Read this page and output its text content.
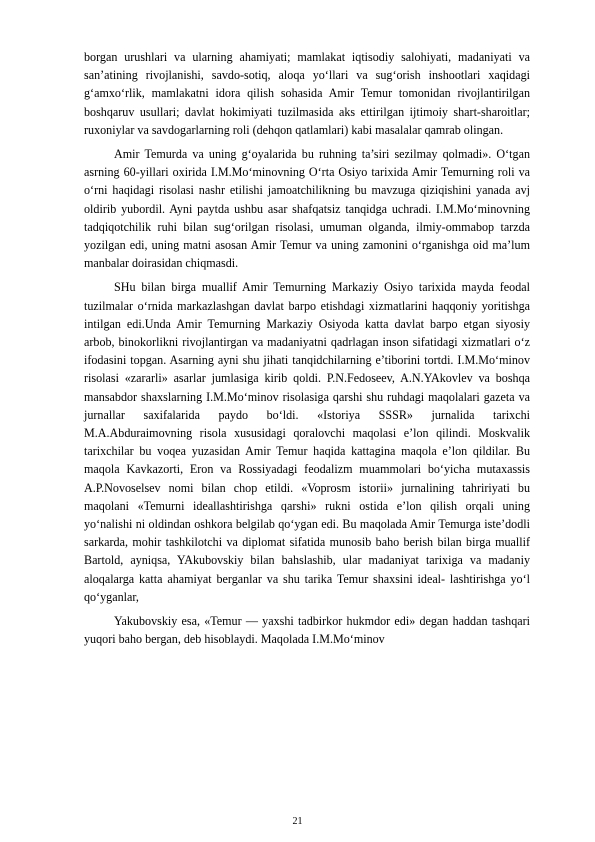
borgan urushlari va ularning ahamiyati; mamlakat iqtisodiy salohiyati, madaniyati va san’atining rivojlanishi, savdo-sotiq, aloqa yo‘llari va sug‘orish inshootlari xaqidagi g‘amxo‘rlik, mamlakatni idora qilish sohasida Amir Temur tomonidan rivojlantirilgan boshqaruv usullari; davlat hokimiyati tuzilmasida aks ettirilgan ijtimoiy shart-sharoitlar; ruxoniylar va savdogarlarning roli (dehqon qatlamlari) kabi masalalar qamrab olingan.

Amir Temurda va uning g‘oyalarida bu ruhning ta’siri sezilmay qolmadi». O‘tgan asrning 60-yillari oxirida I.M.Mo‘minovning O‘rta Osiyo tarixida Amir Temurning roli va o‘rni haqidagi risolasi nashr etilishi jamoatchilikning bu mavzuga qiziqishini yanada avj oldirib yubordil. Ayni paytda ushbu asar shafqatsiz tanqidga uchradi. I.M.Mo‘minovning tadqiqotchilik ruhi bilan sug‘orilgan risolasi, umuman olganda, ilmiy-ommabop tarzda yozilgan edi, uning matni asosan Amir Temur va uning zamonini o‘rganishga oid ma’lum manbalar doirasidan chiqmasdi.

SHu bilan birga muallif Amir Temurning Markaziy Osiyo tarixida mayda feodal tuzilmalar o‘rnida markazlashgan davlat barpo etishdagi xizmatlarini haqqoniy yoritishga intilgan edi.Unda Amir Temurning Markaziy Osiyoda katta davlat barpo etgan siyosiy arbob, binokorlikni rivojlantirgan va madaniyatni qadrlagan inson sifatidagi xizmatlari o‘z ifodasini topgan. Asarning ayni shu jihati tanqidchilarning e’tiborini tortdi. I.M.Mo‘minov risolasi «zararli» asarlar jumlasiga kirib qoldi. P.N.Fedoseev, A.N.YAkovlev va boshqa mansabdor shaxslarning I.M.Mo‘minov risolasiga qarshi shu ruhdagi maqolalari gazeta va jurnallar saxifalarida paydo bo‘ldi. «Istoriya SSSR» jurnalida tarixchi M.A.Abduraimovning risola xususidagi qoralovchi maqolasi e’lon qilindi. Moskvalik tarixchilar bu voqea yuzasidan Amir Temur haqida kattagina maqola e’lon qildilar. Bu maqola Kavkazorti, Eron va Rossiyadagi feodalizm muammolari bo‘yicha mutaxassis A.P.Novoselsev nomi bilan chop etildi. «Voprosm istorii» jurnalining tahririyati bu maqolani «Temurni ideallashtirishga qarshi» rukni ostida e’lon qilish orqali uning yo‘nalishi ni oldindan oshkora belgilab qo‘ygan edi. Bu maqolada Amir Temurga iste’dodli sarkarda, mohir tashkilotchi va diplomat sifatida munosib baho berish bilan birga muallif Bartold, ayniqsa, YAkubovskiy bilan bahslashib, ular madaniyat tarixiga va madaniy aloqalarga katta ahamiyat berganlar va shu tarika Temur shaxsini ideal- lashtirishga yo‘l qo‘yganlar,

Yakubovskiy esa, «Temur — yaxshi tadbirkor hukmdor edi» degan haddan tashqari yuqori baho bergan, deb hisoblaydi. Maqolada I.M.Mo‘minov

21
